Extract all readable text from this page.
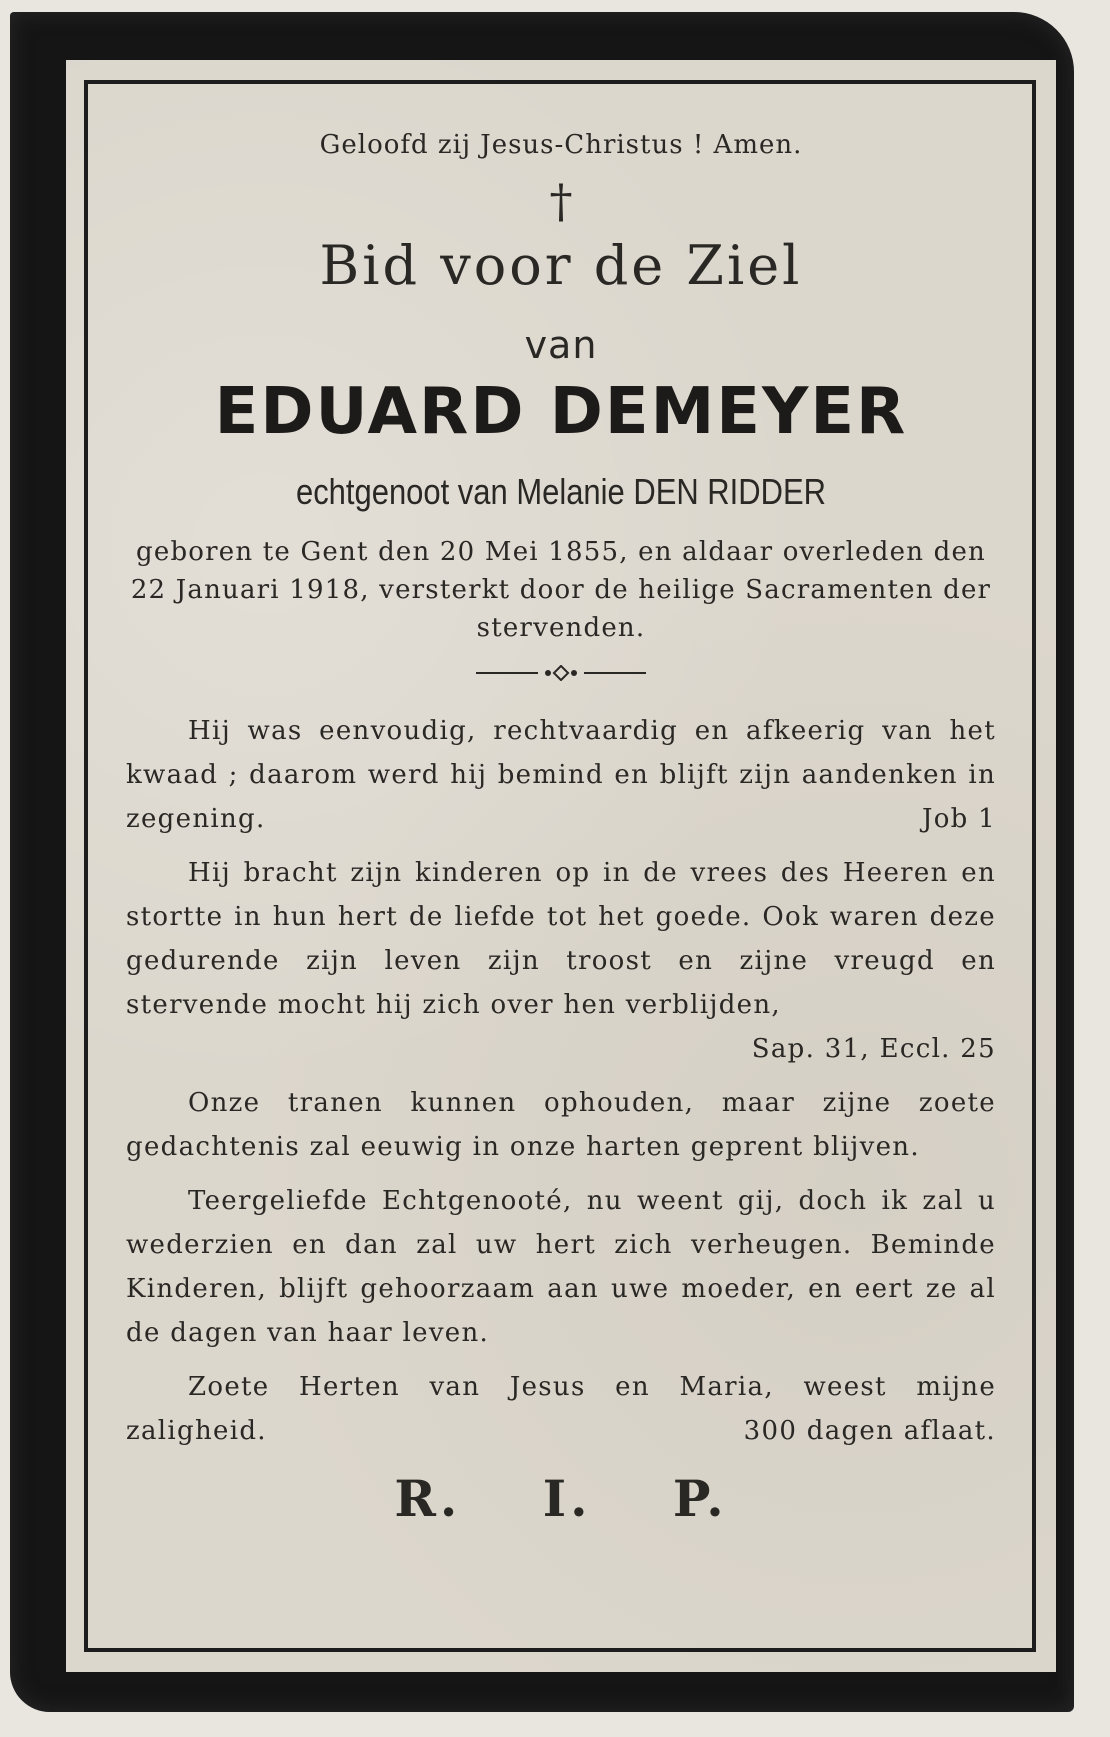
Geloofd zij Jesus-Christus ! Amen.
†
Bid voor de Ziel
van
EDUARD DEMEYER
echtgenoot van Melanie DEN RIDDER
geboren te Gent den 20 Mei 1855, en aldaar overleden den 22 Januari 1918, versterkt door de heilige Sacramenten der stervenden.
Hij was eenvoudig, rechtvaardig en afkeerig van het kwaad ; daarom werd hij bemind en blijft zijn aandenken in zegening.	Job 1
Hij bracht zijn kinderen op in de vrees des Heeren en stortte in hun hert de liefde tot het goede. Ook waren deze gedurende zijn leven zijn troost en zijne vreugd en stervende mocht hij zich over hen verblijden,
Sap. 31, Eccl. 25
Onze tranen kunnen ophouden, maar zijne zoete gedachtenis zal eeuwig in onze harten geprent blijven.
Teergeliefde Echtgenooté, nu weent gij, doch ik zal u wederzien en dan zal uw hert zich verheugen. Beminde Kinderen, blijft gehoorzaam aan uwe moeder, en eert ze al de dagen van haar leven.
Zoete Herten van Jesus en Maria, weest mijne zaligheid.	300 dagen aflaat.
R. I. P.
